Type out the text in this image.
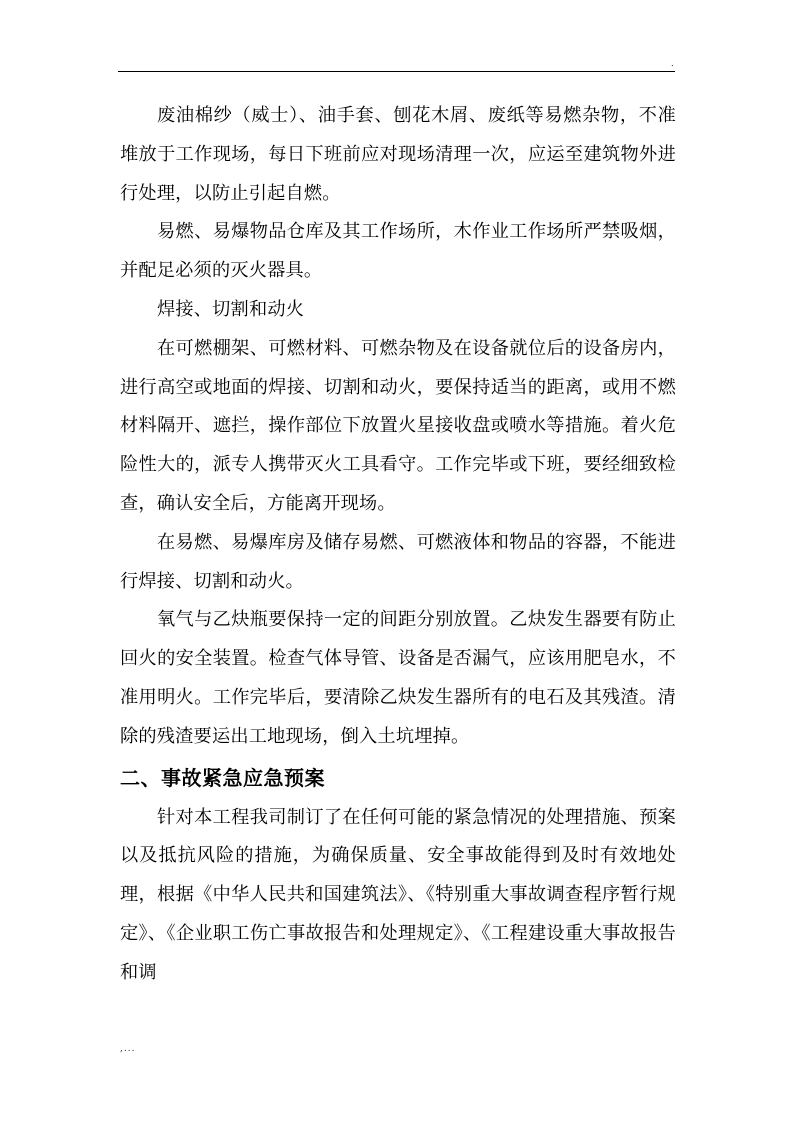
.

废油棉纱（威士）、油手套、刨花木屑、废纸等易燃杂物，不准堆放于工作现场，每日下班前应对现场清理一次，应运至建筑物外进行处理，以防止引起自燃。

易燃、易爆物品仓库及其工作场所，木作业工作场所严禁吸烟，并配足必须的灭火器具。

焊接、切割和动火

在可燃棚架、可燃材料、可燃杂物及在设备就位后的设备房内，进行高空或地面的焊接、切割和动火，要保持适当的距离，或用不燃材料隔开、遮拦，操作部位下放置火星接收盘或喷水等措施。着火危险性大的，派专人携带灭火工具看守。工作完毕或下班，要经细致检查，确认安全后，方能离开现场。

在易燃、易爆库房及储存易燃、可燃液体和物品的容器，不能进行焊接、切割和动火。

氧气与乙炔瓶要保持一定的间距分别放置。乙炔发生器要有防止回火的安全装置。检查气体导管、设备是否漏气，应该用肥皂水，不准用明火。工作完毕后，要清除乙炔发生器所有的电石及其残渣。清除的残渣要运出工地现场，倒入土坑埋掉。

二、事故紧急应急预案

针对本工程我司制订了在任何可能的紧急情况的处理措施、预案以及抵抗风险的措施，为确保质量、安全事故能得到及时有效地处理，根据《中华人民共和国建筑法》、《特别重大事故调查程序暂行规定》、《企业职工伤亡事故报告和处理规定》、《工程建设重大事故报告和调

,...
